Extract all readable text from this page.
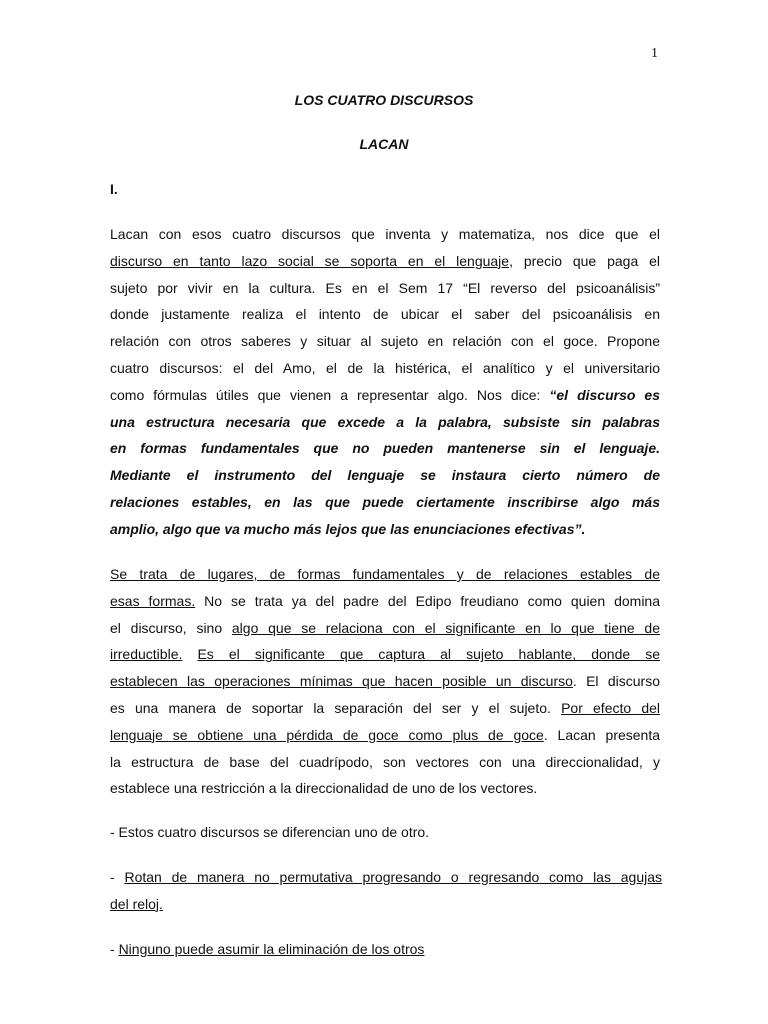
1
LOS CUATRO DISCURSOS
LACAN
I.
Lacan con esos cuatro discursos que inventa y matematiza, nos dice que el
discurso en tanto lazo social se soporta en el lenguaje, precio que paga el
sujeto por vivir en la cultura. Es en el Sem 17 “El reverso del psicoanálisis”
donde justamente realiza el intento de ubicar el saber del psicoanálisis en
relación con otros saberes y situar al sujeto en relación con el goce. Propone
cuatro discursos: el del Amo, el de la histérica, el analítico y el universitario
como fórmulas útiles que vienen a representar algo. Nos dice: “el discurso es
una estructura necesaria que excede a la palabra, subsiste sin palabras
en formas fundamentales que no pueden mantenerse sin el lenguaje.
Mediante el instrumento del lenguaje se instaura cierto número de
relaciones estables, en las que puede ciertamente inscribirse algo más
amplio, algo que va mucho más lejos que las enunciaciones efectivas”.
Se trata de lugares, de formas fundamentales y de relaciones estables de
esas formas. No se trata ya del padre del Edipo freudiano como quien domina
el discurso, sino algo que se relaciona con el significante en lo que tiene de
irreductible. Es el significante que captura al sujeto hablante, donde se
establecen las operaciones mínimas que hacen posible un discurso. El discurso
es una manera de soportar la separación del ser y el sujeto. Por efecto del
lenguaje se obtiene una pérdida de goce como plus de goce. Lacan presenta
la estructura de base del cuadrípodo, son vectores con una direccionalidad, y
establece una restricción a la direccionalidad de uno de los vectores.
- Estos cuatro discursos se diferencian uno de otro.
- Rotan de manera no permutativa progresando o regresando como las agujas
del reloj.
- Ninguno puede asumir la eliminación de los otros
